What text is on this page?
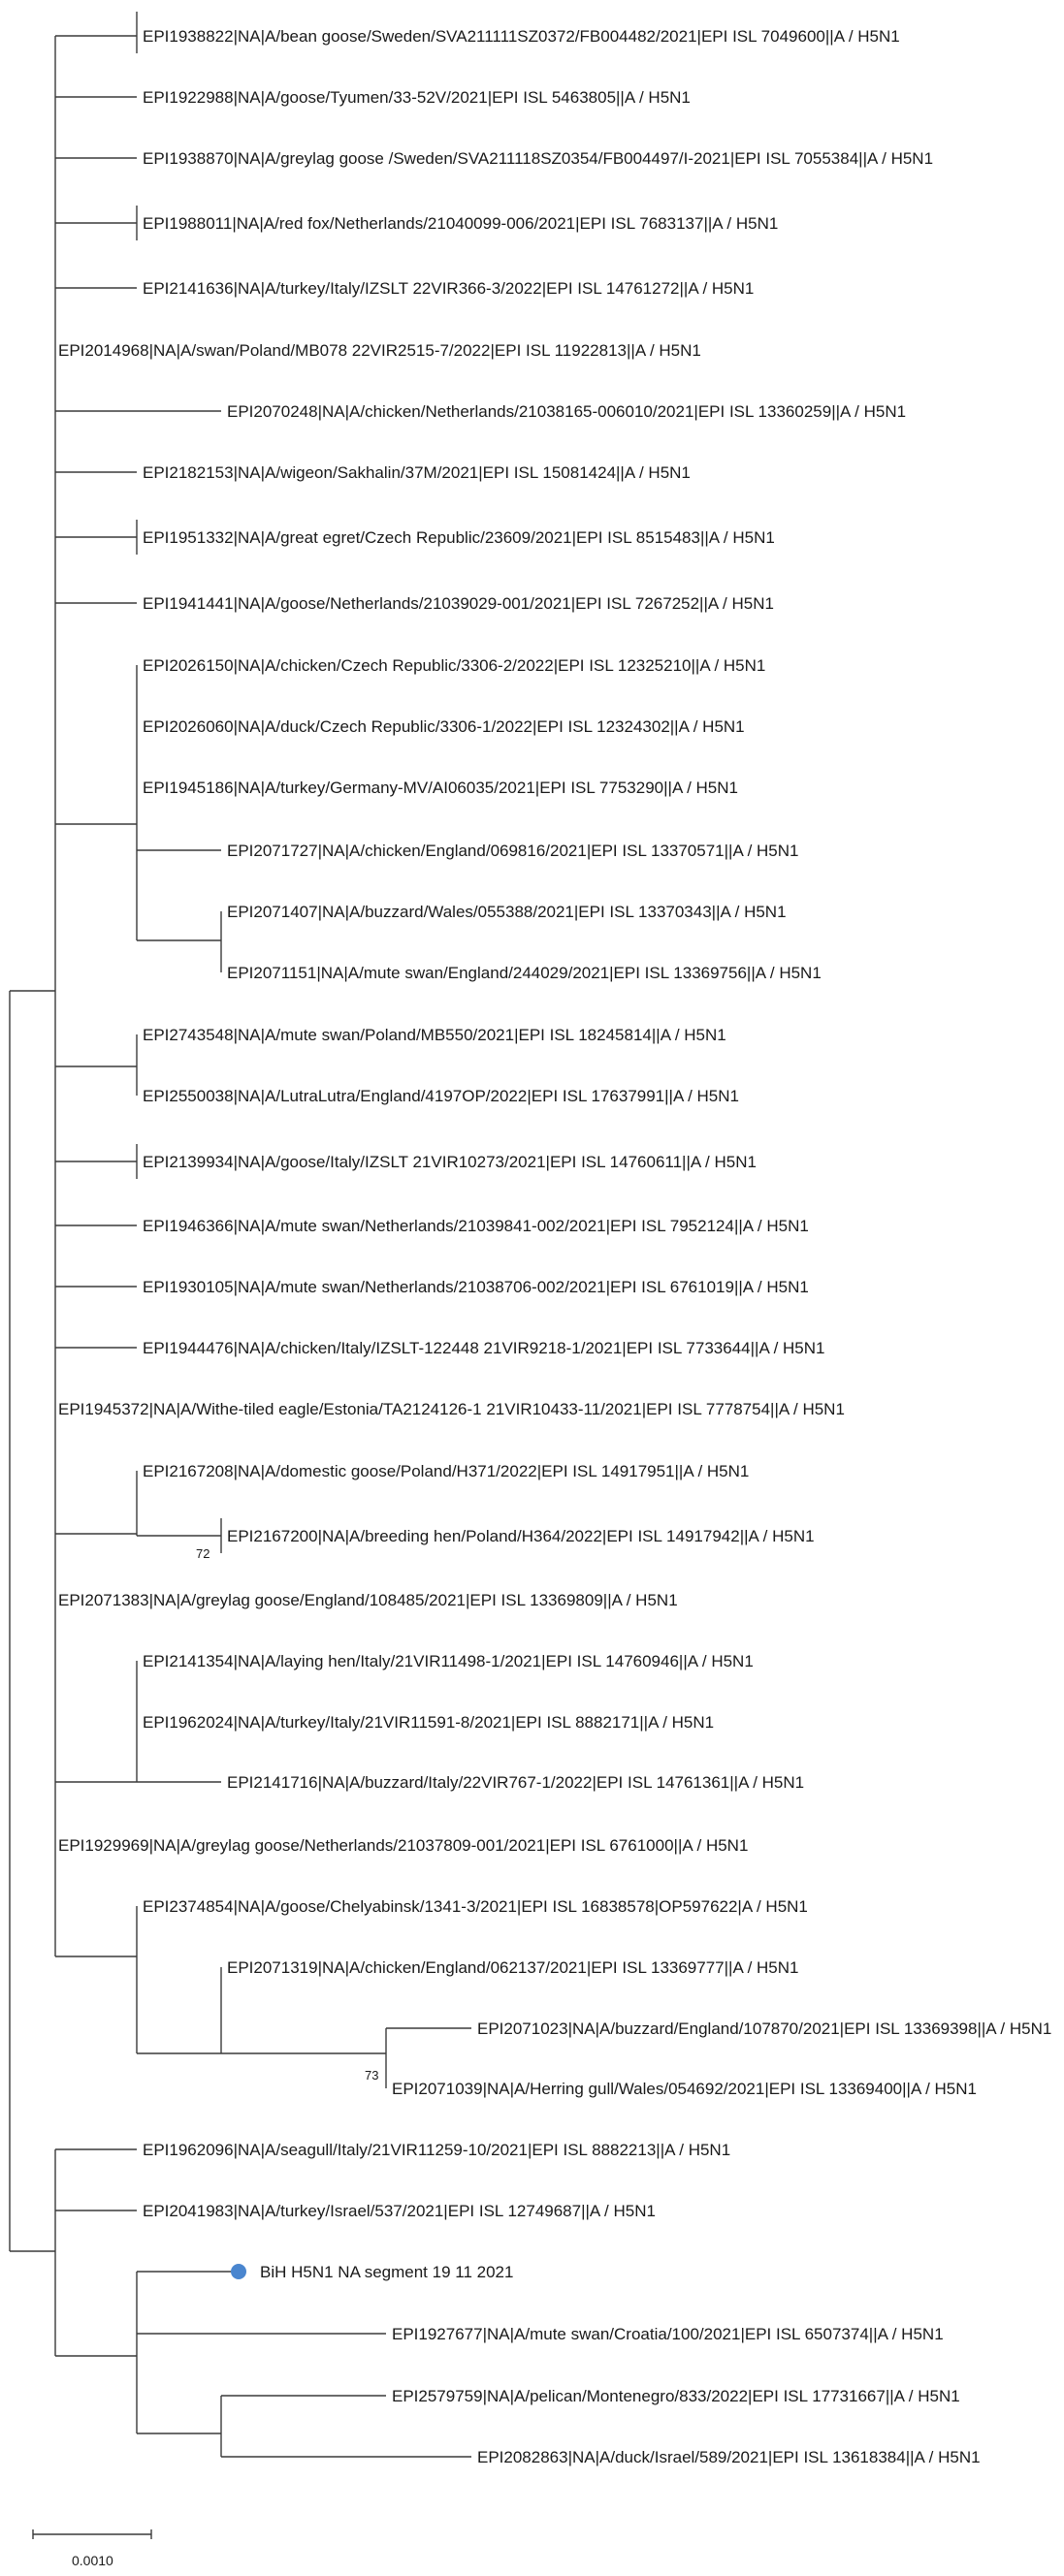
EPI1938822|NA|A/bean goose/Sweden/SVA211111SZ0372/FB004482/2021|EPI ISL 7049600||A / H5N1
EPI1922988|NA|A/goose/Tyumen/33-52V/2021|EPI ISL 5463805||A / H5N1
EPI1938870|NA|A/greylag goose /Sweden/SVA211118SZ0354/FB004497/I-2021|EPI ISL 7055384||A / H5N1
EPI1988011|NA|A/red fox/Netherlands/21040099-006/2021|EPI ISL 7683137||A / H5N1
EPI2141636|NA|A/turkey/Italy/IZSLT 22VIR366-3/2022|EPI ISL 14761272||A / H5N1
EPI2014968|NA|A/swan/Poland/MB078 22VIR2515-7/2022|EPI ISL 11922813||A / H5N1
EPI2070248|NA|A/chicken/Netherlands/21038165-006010/2021|EPI ISL 13360259||A / H5N1
EPI2182153|NA|A/wigeon/Sakhalin/37M/2021|EPI ISL 15081424||A / H5N1
EPI1951332|NA|A/great egret/Czech Republic/23609/2021|EPI ISL 8515483||A / H5N1
EPI1941441|NA|A/goose/Netherlands/21039029-001/2021|EPI ISL 7267252||A / H5N1
EPI2026150|NA|A/chicken/Czech Republic/3306-2/2022|EPI ISL 12325210||A / H5N1
EPI2026060|NA|A/duck/Czech Republic/3306-1/2022|EPI ISL 12324302||A / H5N1
EPI1945186|NA|A/turkey/Germany-MV/AI06035/2021|EPI ISL 7753290||A / H5N1
EPI2071727|NA|A/chicken/England/069816/2021|EPI ISL 13370571||A / H5N1
EPI2071407|NA|A/buzzard/Wales/055388/2021|EPI ISL 13370343||A / H5N1
EPI2071151|NA|A/mute swan/England/244029/2021|EPI ISL 13369756||A / H5N1
EPI2743548|NA|A/mute swan/Poland/MB550/2021|EPI ISL 18245814||A / H5N1
EPI2550038|NA|A/LutraLutra/England/4197OP/2022|EPI ISL 17637991||A / H5N1
EPI2139934|NA|A/goose/Italy/IZSLT 21VIR10273/2021|EPI ISL 14760611||A / H5N1
EPI1946366|NA|A/mute swan/Netherlands/21039841-002/2021|EPI ISL 7952124||A / H5N1
EPI1930105|NA|A/mute swan/Netherlands/21038706-002/2021|EPI ISL 6761019||A / H5N1
EPI1944476|NA|A/chicken/Italy/IZSLT-122448 21VIR9218-1/2021|EPI ISL 7733644||A / H5N1
EPI1945372|NA|A/Withe-tiled eagle/Estonia/TA2124126-1 21VIR10433-11/2021|EPI ISL 7778754||A / H5N1
EPI2167208|NA|A/domestic goose/Poland/H371/2022|EPI ISL 14917951||A / H5N1
EPI2167200|NA|A/breeding hen/Poland/H364/2022|EPI ISL 14917942||A / H5N1
EPI2071383|NA|A/greylag goose/England/108485/2021|EPI ISL 13369809||A / H5N1
EPI2141354|NA|A/laying hen/Italy/21VIR11498-1/2021|EPI ISL 14760946||A / H5N1
EPI1962024|NA|A/turkey/Italy/21VIR11591-8/2021|EPI ISL 8882171||A / H5N1
EPI2141716|NA|A/buzzard/Italy/22VIR767-1/2022|EPI ISL 14761361||A / H5N1
EPI1929969|NA|A/greylag goose/Netherlands/21037809-001/2021|EPI ISL 6761000||A / H5N1
EPI2374854|NA|A/goose/Chelyabinsk/1341-3/2021|EPI ISL 16838578|OP597622|A / H5N1
EPI2071319|NA|A/chicken/England/062137/2021|EPI ISL 13369777||A / H5N1
EPI2071023|NA|A/buzzard/England/107870/2021|EPI ISL 13369398||A / H5N1
EPI2071039|NA|A/Herring gull/Wales/054692/2021|EPI ISL 13369400||A / H5N1
EPI1962096|NA|A/seagull/Italy/21VIR11259-10/2021|EPI ISL 8882213||A / H5N1
EPI2041983|NA|A/turkey/Israel/537/2021|EPI ISL 12749687||A / H5N1
BiH H5N1 NA segment 19 11 2021
EPI1927677|NA|A/mute swan/Croatia/100/2021|EPI ISL 6507374||A / H5N1
EPI2579759|NA|A/pelican/Montenegro/833/2022|EPI ISL 17731667||A / H5N1
EPI2082863|NA|A/duck/Israel/589/2021|EPI ISL 13618384||A / H5N1
72
73
0.0010
